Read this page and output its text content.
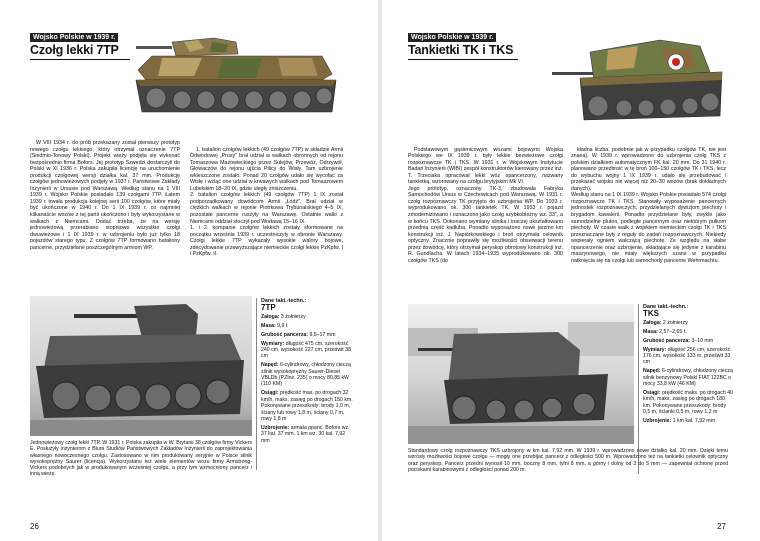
Wojsko Polskie w 1939 r.
Czołg lekki 7TP

W VIII 1934 r. do prób przekazany został pierwszy prototyp nowego czołgu lekkiego, który otrzymał oznaczenie 7TP (Siedmio-Tonowy Polski). Projekt wieży podjęła się wykonać bezpośrednio firma Bofors. Jej prototyp Szwedzi dostarczyli do Polski w XI 1936 r. Polska zakupiła licencję na uruchomienie produkcji czołgowej wersji działka kal. 37 mm. Produkcję czołgów jednowieżowych podjęły w 1937 r. Państwowe Zakłady Inżynierii w Ursusie pod Warszawą. Według stanu na 1 VIII 1939 r. Wojsko Polskie posiadało 139 czołgami 7TP. Łatem 1939 r. trwała produkcja kolejnej serii 100 czołgów, które miały być ukończone w 1940 r. Do 1 IX 1939 r. co najmniej kilkanaście wozów z tej partii ukończono i były wykorzystane w walkach z Niemcami. Dodać trzeba, że na wersję jednowieżową przerabiano stopniowo wszystkie czołgi dwuwieżowe i 1 IX 1939 r. w uzbrojeniu było już tylko 18 pojazdów starego typu. Z czołgów 7TP formowano bataliony pancerne, przydzielane poszczególnym armiom WP.

1. batalion czołgów lekkich (49 czołgów 7TP) w składzie Armii Odwodowej „Prusy" brał udział w walkach obronnych od rejonu Tomaszowa Mazowieckiego przez Sulejów, Przewóz, Odrzywół, Głowaczów do rejonu ujścia Pilicy do Wisły. Tam uzbrojenie wkleszczone zostało. Ponad 20 czołgów udało się wycofać za Wisłę i wziąć one udział w krwawych walkach pod Tomaszowem Lubelskim 18–20 IX, gdzie uległy zniszczeniu.
2. batalion czołgów lekkich (49 czołgów 7TP) 1 IX został podporządkowany dowódcom Armii „Łódź". Brał udział w ciężkich walkach w rejonie Piotrkowa Trybunalskiego 4–5 IX, pozostałe pancerne ruszyły na Warszawę. Ostatnie walki z Niemcami oddział stoczył pod Wodawą 15–16 IX.
1. i 2. kompanie czołgów lekkich zostały sformowane na początku września 1939 r. uczestniczyły w obronie Warszawy. Czołgi lekkie 7TP wykazały wysokie walory bojowe, zdecydowanie przewyższające niemieckie czołgi lekkie PzKpfw. I i PzKpfw. II.

Dane takt.-techn.:
7TP
Załoga: 3 żołnierzy
Masa: 9,9 t
Grubość pancerza: 9,5–17 mm
Wymiary: długość 475 cm, szerokość 240 cm, wysokość 227 cm, prześwit 38 cm
Napęd: 6-cylindrowy, chłodzony cieczą silnik wysokoprężny Saurer-Diesel VBLDb (PZInż. 235) o mocy 80,85 kW (110 KM)
Osiągi: prędkość max. po drogach 32 km/h, maks. zasięg po drogach 150 km. Pokonywane przeszkody: brody 1,0 m, ściany lub rowy 1,8 m, ściany 0,7 m, rowy 1,8 m
Uzbrojenie: armata ppanc. Bofors wz. 37 kal. 37 mm, 1 km wz. 30 kal. 7,92 mm
Jednowieżowy czołg lekki 7TP. W 1931 r. Polska zakupiła w W. Brytanii 38 czołgów firmy Vickers E. Posłużyły inżynierom z Biura Studiów Państwowych Zakładów Inżynierii do zaprojektowania własnego nowoczesnego czołgu. Zastosowano w nim produkowany seryjnie w Polsce silnik wysokoprężny Saurer (licencja). Wykorzystano też wiele elementów wozu firmy Armstrong-Vickers podobnych jak w produkowanym wcześniej czołgu, a przy tym wzmocniony pancerz i inną wieżę.
26
Wojsko Polskie w 1939 r.
Tankietki TK i TKS

Podstawowym gąsienicowym wozami bojowymi Wojska Polskiego we IX 1939 r. były lekkie bezwieżowe czołgi rozpoznawcze TK i TKS. W 1931 r. w Wojskowym Instytucie Badań Inżynierii (WIBI) zespół konstruktorów kierowany przez inż. T. Trzeciaka opracował lekki wóz opancerzony, nazwany tankietką, wzorowany na czołgu brytyjskim Mk VI.
Jego prototyp, oznaczony TK-3, zbudowała Fabryka Samochodów Ursus w Czechowicach pod Warszawą. W 1931 r. czołg rozpoznawczy TK przyjęto do uzbrojenia WP. Do 1933 r. wyprodukowano ok. 300 tankietek TK. W 1933 r. pojazd zmodernizowano i oznaczono jako czołg szybkobieżny wz. 33", a w końcu TKS. Dokonano wymiany silnika i inaczej ukształtowano przednią część kadłuba. Ponadto wyposażono nowe jarzmo km konstrukcji inż. J. Napiórkowskiego i broń otrzymała celownik optyczny. Znacznie poprawiły się możliwości obserwacji terenu przez dowódcę, który otrzymał peryskop obrotowy konstrukcji inż. R. Gundlacha. W latach 1934–1935 wyprodukowano ok. 300 czołgów TKS (do

kładna liczba, podobnie jak w przypadku czołgów TK, nie jest znana). W 1939 r. wprowadzono do uzbrojenia czołg TKS z polskim działkiem automatycznym FK kal. 20 mm. Do 31 1940 r. planowano przezbroić w tę broń 100–150 czołgów TK i TKS, lecz do wybuchu wojny 1 IX 1939 r. udało się przebudować i przekazać wojsku nie więcej niż 20–30 wozów (brak dokładnych danych).
Według stanu na 1 IX 1939 r. Wojsko Polskie posiadało 574 czołgi rozpoznawcze TK i TKS. Stanowiły wyposażenie pancernych jednostek rozpoznawczych, przydzielanych dywizjom piechoty i brygadom kawalerii. Ponadto przydzielane były, zwykle jako samodzielne pluton, podległe pancernym oraz niektórym pułkom piechoty. W czasie walk z wojskiem niemieckim czołgi TK i TKS przeznaczane były z reguły do zadań rozpoznawczych. Niekiedy wspierały ogniem walczącą piechotę. Ze względu na słabe opancerzenie oraz uzbrojenie, składające się jedynie z karabinu maszynowego, nie miały większych szans w przypadku natknięcia się na czołgi lub samochody pancerne Wehrmachtu.

Dane takt.-techn.:
TKS
Załoga: 2 żołnierzy
Masa: 2,57–2,65 t
Grubość pancerza: 3–10 mm
Wymiary: długość 256 cm, szerokość 176 cm, wysokość 133 m, prześwit 33 cm
Napęd: 6-cylindrowy, chłodzony cieczą silnik benzynowy Polski FIAT 122BC o mocy 33,8 kW (46 KM)
Osiągi: prędkość maks. po drogach 40 km/h, maks. zasięg po drogach 180 km. Pokonywane przeszkody: brody 0,5 m, ścianki 0,5 m, rowy 1,2 m
Uzbrojenie: 1 km kal. 7,92 mm
Standardowy czołg rozpoznawczy TKS uzbrojony w km kal. 7,92 mm. W 1939 r. wprowadzono nowe działko kal. 20 mm. Dzięki temu wzrosły możliwości bojowe czołgu — mogły one przebijać pancerz z odległości 500 m. Wprowadzono też na tankietki celownik optyczny oraz peryskop. Pancerz przedni wynosił 10 mm, boczny 8 mm, tylni 8 mm, a górny i dolny od 3 do 5 mm — zapewniał ochronę przed pociskami karabinowymi z odległości ponad 200 m.
27
